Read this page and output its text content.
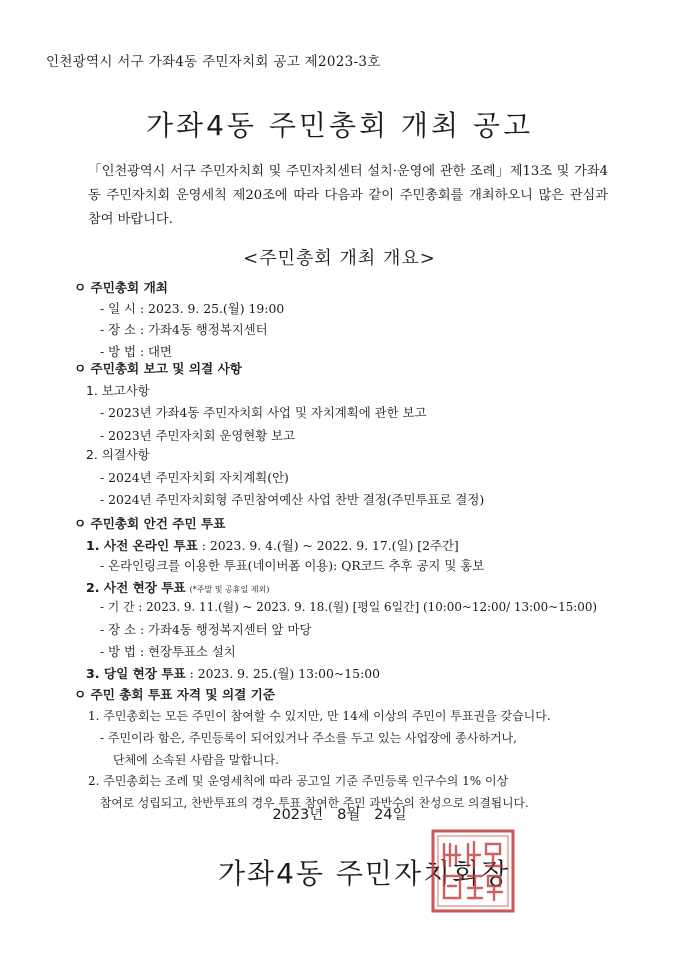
인천광역시 서구 가좌4동 주민자치회 공고 제2023-3호
가좌4동 주민총회 개최 공고
「인천광역시 서구 주민자치회 및 주민자치센터 설치·운영에 관한 조례」제13조 및 가좌4동 주민자치회 운영세칙 제20조에 따라 다음과 같이 주민총회를 개최하오니 많은 관심과 참여 바랍니다.
<주민총회 개최 개요>
ㅇ 주민총회 개최
- 일 시 : 2023. 9. 25.(월) 19:00
- 장 소 : 가좌4동 행정복지센터
- 방 법 : 대면
ㅇ 주민총회 보고 및 의결 사항
1. 보고사항
- 2023년 가좌4동 주민자치회 사업 및 자치계획에 관한 보고
- 2023년 주민자치회 운영현황 보고
2. 의결사항
- 2024년 주민자치회 자치계획(안)
- 2024년 주민자치회형 주민참여예산 사업 찬반 결정(주민투표로 결정)
ㅇ 주민총회 안건 주민 투표
1. 사전 온라인 투표 : 2023. 9. 4.(월) ~ 2022. 9. 17.(일) [2주간]
- 온라인링크를 이용한 투표(네이버폼 이용): QR코드 추후 공지 및 홍보
2. 사전 현장 투표 (*주말 및 공휴일 제외)
- 기 간 : 2023. 9. 11.(월) ~ 2023. 9. 18.(월) [평일 6일간] (10:00~12:00/ 13:00~15:00)
- 장 소 : 가좌4동 행정복지센터 앞 마당
- 방 법 : 현장투표소 설치
3. 당일 현장 투표 : 2023. 9. 25.(월) 13:00~15:00
ㅇ 주민 총회 투표 자격 및 의결 기준
1. 주민총회는 모든 주민이 참여할 수 있지만, 만 14세 이상의 주민이 투표권을 갖습니다.
- 주민이라 함은, 주민등록이 되어있거나 주소를 두고 있는 사업장에 종사하거나,
단체에 소속된 사람을 말합니다.
2. 주민총회는 조례 및 운영세칙에 따라 공고일 기준 주민등록 인구수의 1% 이상
참여로 성립되고, 찬반투표의 경우 투표 참여한 주민 과반수의 찬성으로 의결됩니다.
2023년   8월   24일
가좌4동 주민자치회장
